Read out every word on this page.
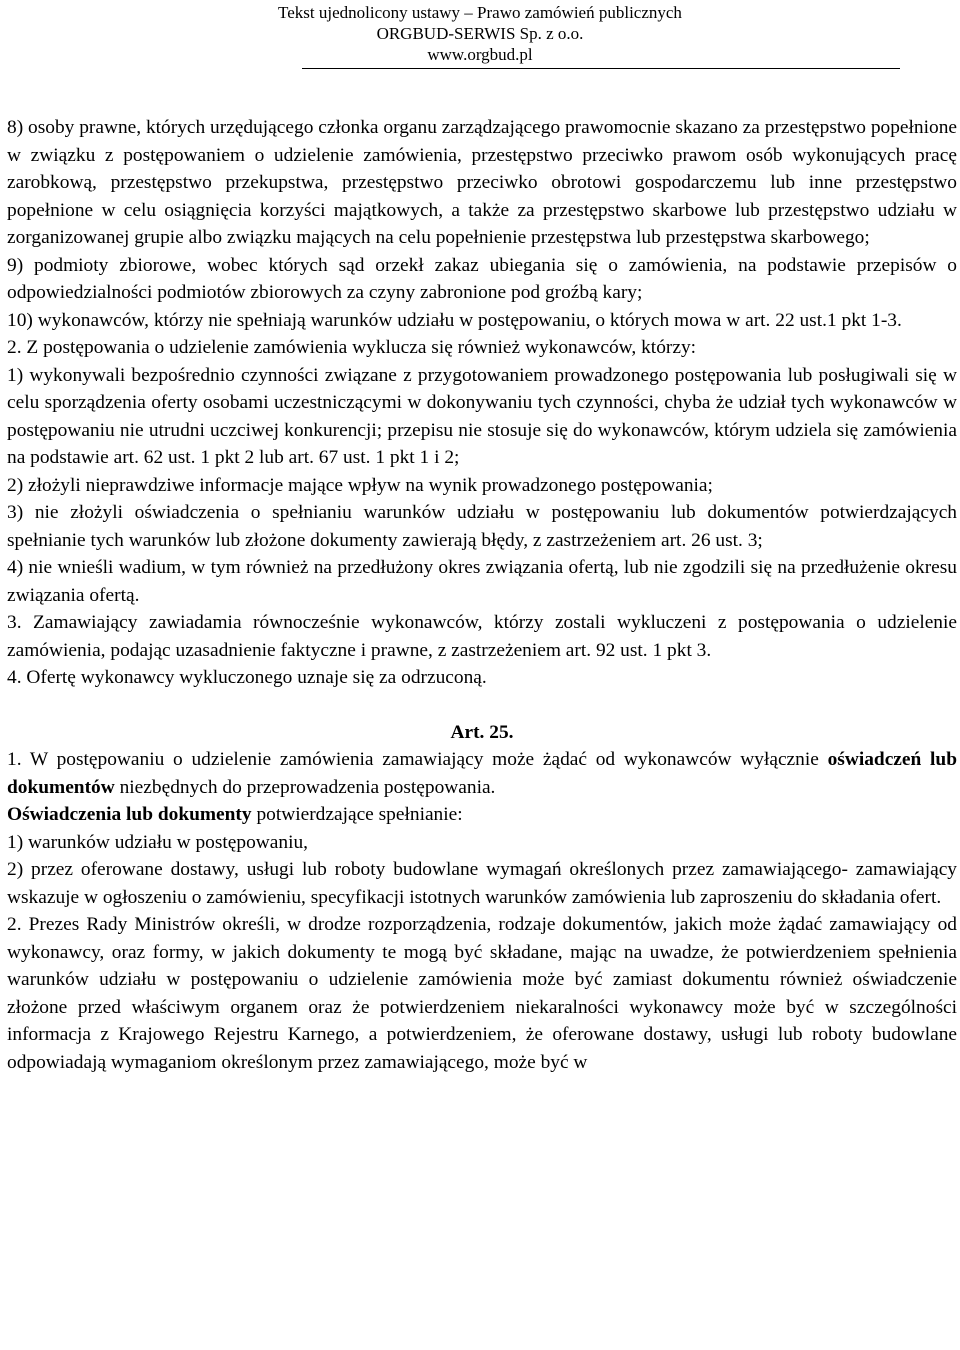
Tekst ujednolicony ustawy – Prawo zamówień publicznych
ORGBUD-SERWIS Sp. z o.o.
www.orgbud.pl

8) osoby prawne, których urzędującego członka organu zarządzającego prawomocnie skazano za przestępstwo popełnione w związku z postępowaniem o udzielenie zamówienia, przestępstwo przeciwko prawom osób wykonujących pracę zarobkową, przestępstwo przekupstwa, przestępstwo przeciwko obrotowi gospodarczemu lub inne przestępstwo popełnione w celu osiągnięcia korzyści majątkowych, a także za przestępstwo skarbowe lub przestępstwo udziału w zorganizowanej grupie albo związku mających na celu popełnienie przestępstwa lub przestępstwa skarbowego;

9) podmioty zbiorowe, wobec których sąd orzekł zakaz ubiegania się o zamówienia, na podstawie przepisów o odpowiedzialności podmiotów zbiorowych za czyny zabronione pod groźbą kary;

10) wykonawców, którzy nie spełniają warunków udziału w postępowaniu, o których mowa w art. 22 ust.1 pkt 1-3.

2. Z postępowania o udzielenie zamówienia wyklucza się również wykonawców, którzy:

1) wykonywali bezpośrednio czynności związane z przygotowaniem prowadzonego postępowania lub posługiwali się w celu sporządzenia oferty osobami uczestniczącymi w dokonywaniu tych czynności, chyba że udział tych wykonawców w postępowaniu nie utrudni uczciwej konkurencji; przepisu nie stosuje się do wykonawców, którym udziela się zamówienia na podstawie art. 62 ust. 1 pkt 2 lub art. 67 ust. 1 pkt 1 i 2;

2) złożyli nieprawdziwe informacje mające wpływ na wynik prowadzonego postępowania;

3) nie złożyli oświadczenia o spełnianiu warunków udziału w postępowaniu lub dokumentów potwierdzających spełnianie tych warunków lub złożone dokumenty zawierają błędy, z zastrzeżeniem art. 26 ust. 3;

4) nie wnieśli wadium, w tym również na przedłużony okres związania ofertą, lub nie zgodzili się na przedłużenie okresu związania ofertą.

3. Zamawiający zawiadamia równocześnie wykonawców, którzy zostali wykluczeni z postępowania o udzielenie zamówienia, podając uzasadnienie faktyczne i prawne, z zastrzeżeniem art. 92 ust. 1 pkt 3.

4. Ofertę wykonawcy wykluczonego uznaje się za odrzuconą.

Art. 25.

1. W postępowaniu o udzielenie zamówienia zamawiający może żądać od wykonawców wyłącznie oświadczeń lub dokumentów niezbędnych do przeprowadzenia postępowania.

Oświadczenia lub dokumenty potwierdzające spełnianie:

1) warunków udziału w postępowaniu,

2) przez oferowane dostawy, usługi lub roboty budowlane wymagań określonych przez zamawiającego- zamawiający wskazuje w ogłoszeniu o zamówieniu, specyfikacji istotnych warunków zamówienia lub zaproszeniu do składania ofert.

2. Prezes Rady Ministrów określi, w drodze rozporządzenia, rodzaje dokumentów, jakich może żądać zamawiający od wykonawcy, oraz formy, w jakich dokumenty te mogą być składane, mając na uwadze, że potwierdzeniem spełnienia warunków udziału w postępowaniu o udzielenie zamówienia może być zamiast dokumentu również oświadczenie złożone przed właściwym organem oraz że potwierdzeniem niekaralności wykonawcy może być w szczególności informacja z Krajowego Rejestru Karnego, a potwierdzeniem, że oferowane dostawy, usługi lub roboty budowlane odpowiadają wymaganiom określonym przez zamawiającego, może być w
